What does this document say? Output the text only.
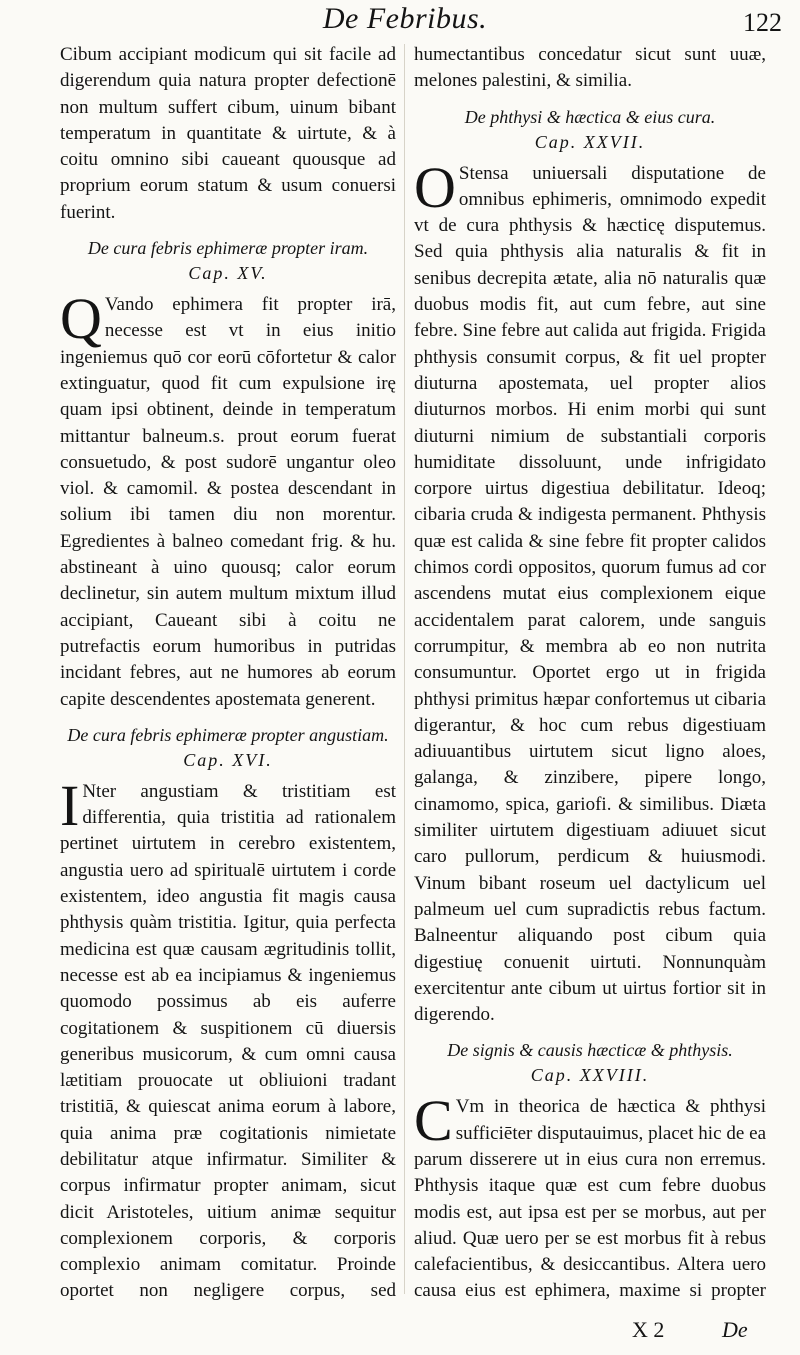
De Febribus.	122

Cibum accipiant modicum qui sit facile ad digerendum quia natura propter defectionē non multum suffert cibum, uinum bibant temperatum in quantitate & uirtute, & à coitu omnino sibi caueant quousque ad proprium eorum statum & usum conuersi fuerint.

De cura febris ephimeræ propter iram.
Cap. XV.

Q Vando ephimera fit propter irā, necesse est vt in eius initio ingeniemus quō cor eorū cōfortetur & calor extinguatur, quod fit cum expulsione irę quam ipsi obtinent, deinde in temperatum mittantur balneum.s. prout eorum fuerat consuetudo, & post sudorē ungantur oleo viol. & camomil. & postea descendant in solium ibi tamen diu non morentur. Egredientes à balneo comedant frig. & hu. abstineant à uino quousq; calor eorum declinetur, sin autem multum mixtum illud accipiant, Caueant sibi à coitu ne putrefactis eorum humoribus in putridas incidant febres, aut ne humores ab eorum capite descendentes apostemata generent.

De cura febris ephimeræ propter angustiam.
Cap. XVI.

I Nter angustiam & tristitiam est differentia, quia tristitia ad rationalem pertinet uirtutem in cerebro existentem, angustia uero ad spiritualē uirtutem i corde existentem, ideo angustia fit magis causa phthysis quàm tristitia. Igitur, quia perfecta medicina est quæ causam ægritudinis tollit, necesse est ab ea incipiamus & ingeniemus quomodo possimus ab eis auferre cogitationem & suspitionem cū diuersis generibus musicorum, & cum omni causa lætitiam prouocate ut obliuioni tradant tristitiā, & quiescat anima eorum à labore, quia anima præ cogitationis nimietate debilitatur atque infirmatur. Similiter & corpus infirmatur propter animam, sicut dicit Aristoteles, uitium animæ sequitur complexionem corporis, & corporis complexio animam comitatur. Proinde oportet non negligere corpus, sed

humectantibus concedatur sicut sunt uuæ, melones palestini, & similia.

De phthysi & hæctica & eius cura.
Cap. XXVII.

O Stensa uniuersali disputatione de omnibus ephimeris, omnimodo expedit vt de cura phthysis & hæcticę disputemus. Sed quia phthysis alia naturalis & fit in senibus decrepita ætate, alia nō naturalis quæ duobus modis fit, aut cum febre, aut sine febre. Sine febre aut calida aut frigida. Frigida phthysis consumit corpus, & fit uel propter diuturna apostemata, uel propter alios diuturnos morbos. Hi enim morbi qui sunt diuturni nimium de substantiali corporis humiditate dissoluunt, unde infrigidato corpore uirtus digestiua debilitatur. Ideoq; cibaria cruda & indigesta permanent. Phthysis quæ est calida & sine febre fit propter calidos chimos cordi oppositos, quorum fumus ad cor ascendens mutat eius complexionem eique accidentalem parat calorem, unde sanguis corrumpitur, & membra ab eo non nutrita consumuntur. Oportet ergo ut in frigida phthysi primitus hæpar confortemus ut cibaria digerantur, & hoc cum rebus digestiuam adiuuantibus uirtutem sicut ligno aloes, galanga, & zinzibere, pipere longo, cinamomo, spica, gariofi. & similibus. Diæta similiter uirtutem digestiuam adiuuet sicut caro pullorum, perdicum & huiusmodi. Vinum bibant roseum uel dactylicum uel palmeum uel cum supradictis rebus factum. Balneentur aliquando post cibum quia digestiuę conuenit uirtuti. Nonnunquàm exercitentur ante cibum ut uirtus fortior sit in digerendo.

De signis & causis hæcticæ & phthysis.
Cap. XXVIII.

C Vm in theorica de hæctica & phthysi sufficiēter disputauimus, placet hic de ea parum disserere ut in eius cura non erremus. Phthysis itaque quæ est cum febre duobus modis est, aut ipsa est per se morbus, aut per aliud. Quæ uero per se est morbus fit à rebus calefacientibus, & desiccantibus. Altera uero causa eius est ephimera, maxime si propter

X 2	De
